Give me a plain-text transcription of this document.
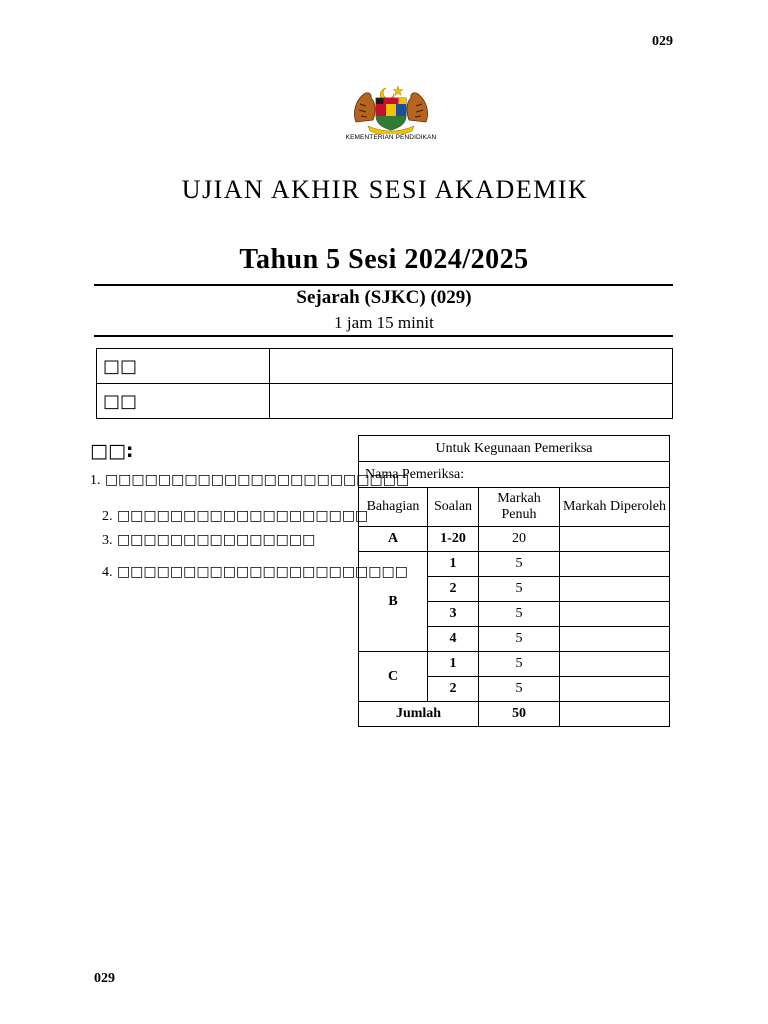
029
KEMENTERIAN PENDIDIKAN
UJIAN AKHIR SESI AKADEMIK
Tahun 5 Sesi 2024/2025
Sejarah (SJKC) (029)
1 jam 15 minit
□□	
□□	
□□:
1. □□□□□□□□□□□□□□□□□□□□□□□
2. □□□□□□□□□□□□□□□□□□□
3. □□□□□□□□□□□□□□□
4. □□□□□□□□□□□□□□□□□□□□□□
Untuk Kegunaan Pemeriksa			
Nama Pemeriksa:			
Bahagian	Soalan	Markah Penuh	Markah Diperoleh
A	1-20	20	
B	1	5	
	2	5	
	3	5	
	4	5	
C	1	5	
	2	5	
Jumlah		50	
029
